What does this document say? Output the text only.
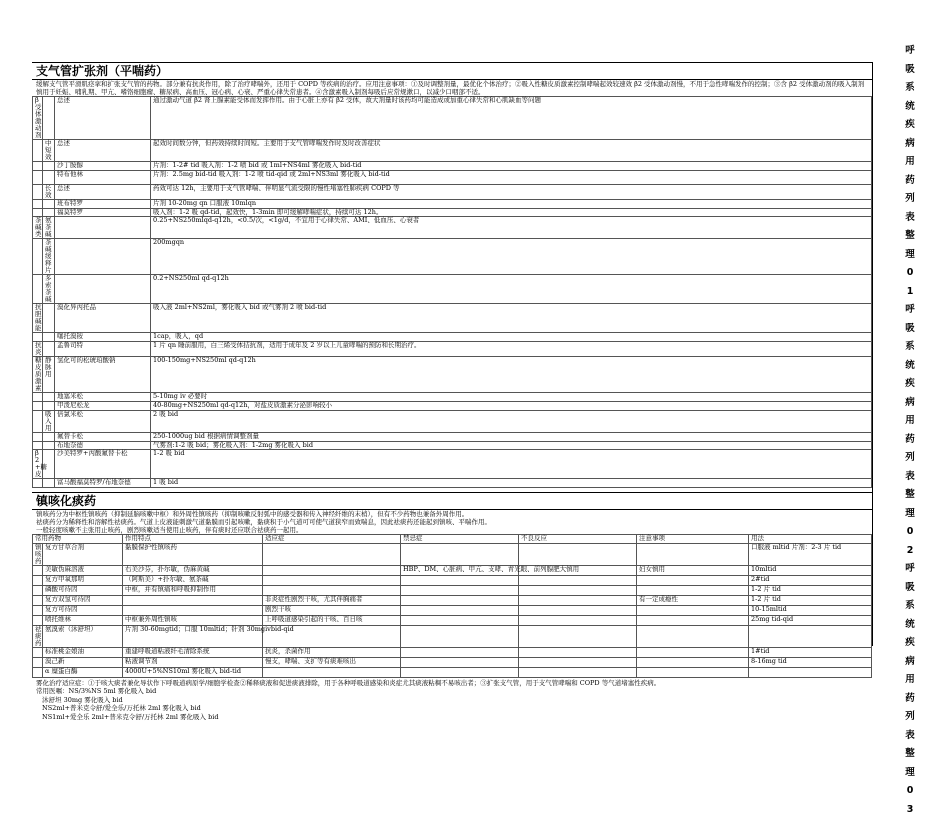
呼
吸
系
统
疾
病
用
药
列
表
整
理
0
1
呼
吸
系
统
疾
病
用
药
列
表
整
理
0
2
呼
吸
系
统
疾
病
用
药
列
表
整
理
0
3
支气管扩张剂（平喘药）
缓解支气管平滑肌痉挛和扩张支气管的药物。部分兼有抗炎作用，除了治疗哮喘外，还用于 COPD 等疾病的治疗。应用注意事项：①及时调整剂量，最优化个体治疗；②吸入性糖皮质激素控制哮喘起效较速效 β2 受体激动剂慢，不用于急性哮喘发作的控制；③含 β2 受体激动剂的吸入制剂慎用于妊娠、哺乳期、甲亢、嗜铬细胞瘤、糖尿病、高血压、冠心病、心衰、严重心律失常患者。④含激素吸入制剂每吸后应常规漱口，以减少口咽部不适。
β受体激动剂		总述	通过激动气道 β2 肾上腺素能受体而发挥作用。由于心脏上亦有 β2 受体，故大剂量时该药均可能造成或加重心律失常和心肌缺血等问题
	中短效	总述	起效时间数分钟，但药效持续时间短。主要用于支气管哮喘发作时及时改善症状
		沙丁胺醇	片剂：1-2# tid 吸入剂：1-2 喷 bid 或 1ml+NS4ml 雾化吸入 bid-tid
		特布他林	片剂：2.5mg bid-tid 吸入剂：1-2 喷 tid-qid 或 2ml+NS3ml 雾化吸入 bid-tid
	长效	总述	药效可达 12h，主要用于支气管哮喘、伴明显气流受限的慢性堵塞性肺疾病 COPD 等
		班布特罗	片剂 10-20mg qn 口服液 10mlqn
		福莫特罗	吸入剂：1-2 吸 qd-tid，起效快，1-3min 即可缓解哮喘症状，持续可达 12h。
茶碱类	氨茶碱		0.25+NS250mlqd-q12h，<0.5/次，<1g/d，不宜用于心律失常、AMI、低血压、心衰者
	茶碱缓释片		200mgqn
	多索茶碱		0.2+NS250ml qd-q12h
抗胆碱能		溴化异丙托品	吸入液 2ml+NS2ml，雾化吸入 bid 或气雾剂 2 喷 bid-tid
		噻托溴铵	1cap，吸入，qd
抗炎		孟鲁司特	1 片 qn 睡前服用，白三烯受体拮抗剂，适用于成年及 2 岁以上儿童哮喘的预防和长期治疗。
糖皮质激素	静脉用	氢化可的松琥珀酸钠	100-150mg+NS250ml qd-q12h
		地塞米松	5-10mg iv 必要时
		甲泼尼松龙	40-80mg+NS250ml qd-q12h，对盐皮质激素分泌影响较小
	吸入用	倍氯米松	2 吸 bid
		氟替卡松	250-1000ug bid 根据病情调整剂量
		布地奈德	气雾剂:1-2 吸 bid；雾化吸入剂：1-2mg 雾化吸入 bid
β2+糖皮		沙美特罗+丙酸氟替卡松	1-2 吸 bid
		富马酸福莫特罗/布地奈德	1 吸 bid
镇咳化痰药
镇咳药分为中枢性镇咳药（抑制延脑咳嗽中枢）和外周性镇咳药（抑制咳嗽反射弧中的感受器和传入神经纤维的末梢），但有不少药物也兼备外周作用。
祛痰药分为稀释性和溶解性祛痰药。气道上皮液能刺激气道黏膜而引起咳嗽，黏痰积于小气道可可使气道狭窄而致喘息，因此祛痰药还能起到镇咳、平喘作用。
一般轻度咳嗽不主张用止咳药，剧烈咳嗽适当使用止咳药，伴有痰时还应联合祛痰药一起用。
常用药物		作用特点	适应症	禁忌症	不良反应	注意事项	用法
镇咳药	复方甘草合剂	黏膜保护性镇咳药					口服液 mltid 片剂：2-3 片 tid
	美敏伪麻溶液	右美沙芬，扑尔敏，伪麻黄碱		HBP、DM、心脏病、甲亢、支哮、青光眼、前列腺肥大慎用		妇女慎用	10mltid
	复方甲氧那明	（阿斯美）+扑尔敏、氨茶碱					2#tid
	磷酸可待因	中枢，并有镇痛和呼吸抑制作用					1-2 片 tid
	复方双氢可待因		非炎症性剧烈干咳，尤其伴胸痛者			有一定成瘾性	1-2 片 tid
	复方可待因		剧烈干咳				10-15mltid
	喷托维林	中枢兼外周性镇咳	上呼吸道感染引起的干咳、百日咳				25mg tid-qid
祛痰药	氨溴索（沐舒坦）	片剂 30-60mgtid；口服 10mltid；针剂 30mgivbid-qid					
	标准桃金娘油	重建呼吸道粘液纤毛清除系统	抗炎，杀菌作用				1#tid
	溴己新	粘液调节剂	慢支，哮喘、支扩等有痰难咳出				8-16mg tid
	α 糜蛋白酶	4000U+5%NS10ml 雾化吸入 bid-tid					
雾化治疗适应症：①于咳大痰者兼化导状作下呼吸道病原学/细胞学检查②稀释痰液和促进痰液排除，用于各种呼吸道感染和炎症尤其痰液粘稠不易咳出者；③扩张支气管，用于支气管哮喘和 COPD 等气道堵塞性疾病。
常用医嘱：NS/3%NS 5ml 雾化吸入 bid
沐舒坦 30mg 雾化吸入 bid
NS2ml+普米克令舒/爱全乐/万托林 2ml 雾化吸入 bid
NS1ml+爱全乐 2ml+普米克令舒/万托林 2ml 雾化吸入 bid
